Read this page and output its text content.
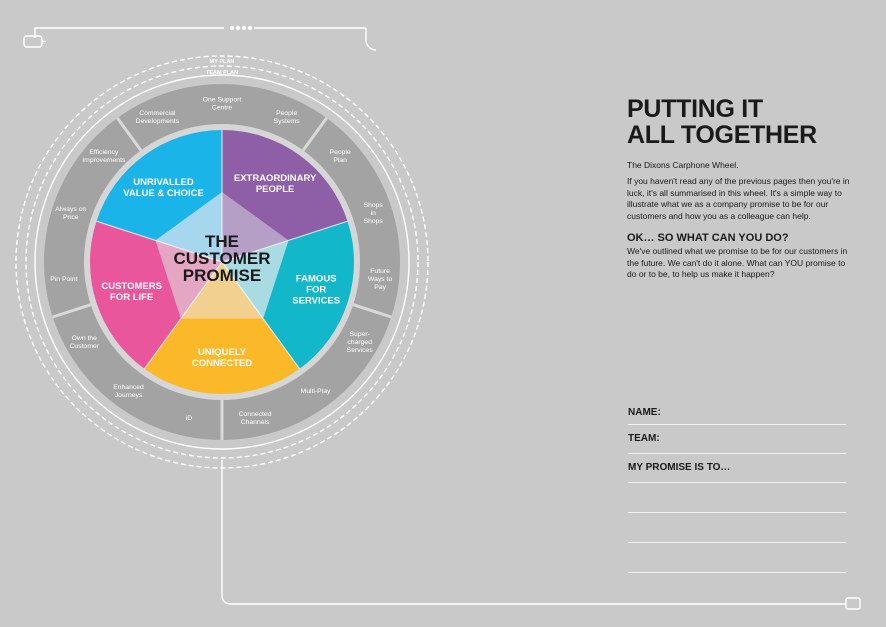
MY PLAN
TEAM PLAN
Commercial Developments
One Support Centre
People Systems
People Plan
Shops in Shops
Future Ways to Pay
Super-charged Services
Multi-Play
Connected Channels
iD
Enhanced Journeys
Own the Customer
Pin Point
Always on Price
Efficiency Improvements
THE CUSTOMER PROMISE
UNRIVALLED VALUE & CHOICE
EXTRAORDINARY PEOPLE
FAMOUS FOR SERVICES
UNIQUELY CONNECTED
CUSTOMERS FOR LIFE
PUTTING IT
ALL TOGETHER

The Dixons Carphone Wheel.

If you haven't read any of the previous pages then you're in luck, it's all summarised in this wheel. It's a simple way to illustrate what we as a company promise to be for our customers and how you as a colleague can help.

OK… SO WHAT CAN YOU DO?

We've outlined what we promise to be for our customers in the future. We can't do it alone. What can YOU promise to do or to be, to help us make it happen?

NAME:
TEAM:
MY PROMISE IS TO…
